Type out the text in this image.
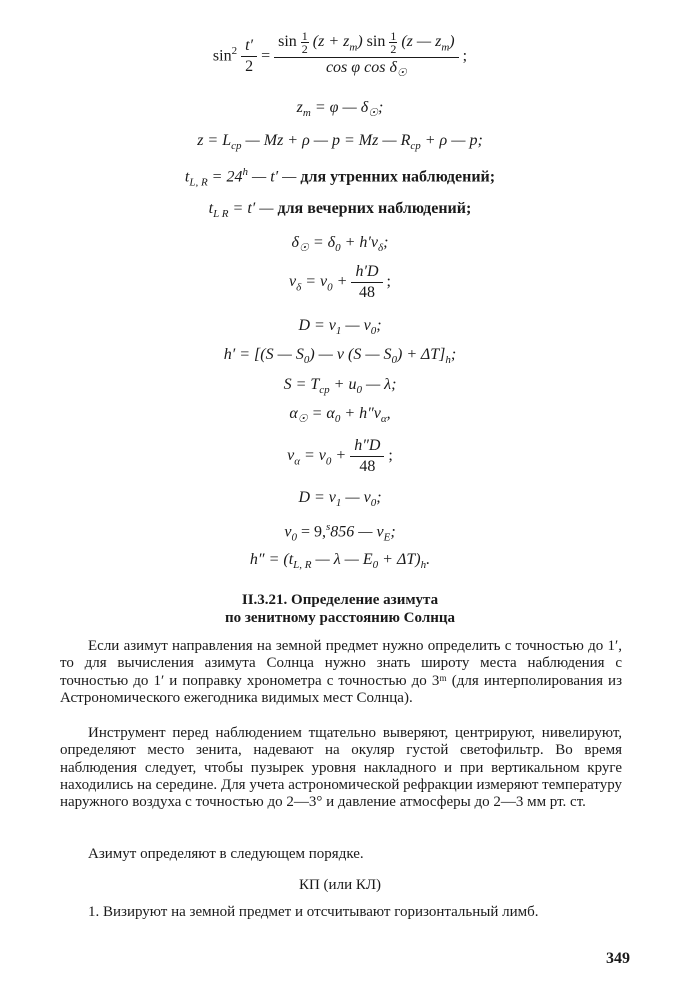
$\sin^2 \frac{t'}{2}$ =
$\sin \frac{1}{2} (z + z_m)$ $\sin \frac{1}{2} (z$ — $z_m$)
cos φ $\cos \delta_☉$
;
$z_m = \varphi$ — $\delta_☉$;
$z = L_{cp}$ — Mz + ρ — p = Mz — $R_{cp} + \rho$ — p;
$t_{L, R} = 24^h$ — t′ — для утренних наблюдений;
$t_{L R} = t'$ — для вечерних наблюдений;
$\delta_☉ = \delta_0 + h'v_\delta$;
$v_\delta = v_0 + \frac{h'D}{48}$ ;
$D = v_1$ — $v_0$;
h′ = [(S — $S_0$) — ν (S — $S_0) + \Delta T]_h$;
$S = T_{cp} + u_0$ — λ;
$\alpha_☉ = \alpha_0 + h''v_\alpha$,
$v_\alpha = v_0 + \frac{h''D}{48}$ ;
$D = v_1$ — $v_0$;
$v_0 = 9,^s856$ — $v_E$;
$h'' = (t_{L, R}$ — λ — $E_0 + \Delta T)_h$.
II.3.21. Определение азимута
по зенитному расстоянию Солнца
Если азимут направления на земной предмет нужно определить с точностью до 1′, то для вычисления азимута Солнца нужно знать широту места наблюдения с точностью до 1′ и поправку хронометра с точностью до 3ᵐ (для интерполирования из Астрономического ежегодника видимых мест Солнца).
Инструмент перед наблюдением тщательно выверяют, центрируют, нивелируют, определяют место зенита, надевают на окуляр густой светофильтр. Во время наблюдения следует, чтобы пузырек уровня накладного и при вертикальном круге находились на середине. Для учета астрономической рефракции измеряют температуру наружного воздуха с точностью до 2—3° и давление атмосферы до 2—3 мм рт. ст.
Азимут определяют в следующем порядке.
КП (или КЛ)
1. Визируют на земной предмет и отсчитывают горизонтальный лимб.
349
